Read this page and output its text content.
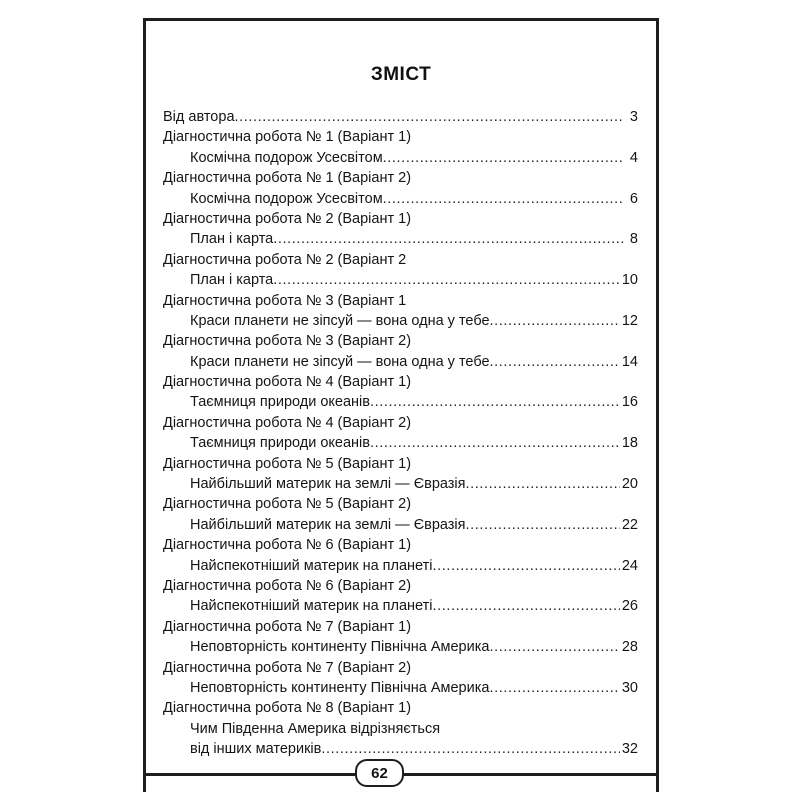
ЗМІСТ
Від автора .....	3
Діагностична робота № 1 (Варіант 1)
Космічна подорож Усесвітом .....	4
Діагностична робота № 1 (Варіант 2)
Космічна подорож Усесвітом .....	6
Діагностична робота № 2 (Варіант 1)
План і карта .....	8
Діагностична робота № 2 (Варіант 2
План і карта .....	10
Діагностична робота № 3 (Варіант 1
Краси планети не зіпсуй — вона одна у тебе .....	12
Діагностична робота № 3 (Варіант 2)
Краси планети не зіпсуй — вона одна у тебе .....	14
Діагностична робота № 4 (Варіант 1)
Таємниця природи океанів .....	16
Діагностична робота № 4 (Варіант 2)
Таємниця природи океанів .....	18
Діагностична робота № 5 (Варіант 1)
Найбільший материк на землі — Євразія .....	20
Діагностична робота № 5 (Варіант 2)
Найбільший материк на землі — Євразія .....	22
Діагностична робота № 6 (Варіант 1)
Найспекотніший материк на планеті .....	24
Діагностична робота № 6 (Варіант 2)
Найспекотніший материк на планеті .....	26
Діагностична робота № 7 (Варіант 1)
Неповторність континенту Північна Америка .....	28
Діагностична робота № 7 (Варіант 2)
Неповторність континенту Північна Америка .....	30
Діагностична робота № 8 (Варіант 1)
Чим Південна Америка відрізняється
від інших материків .....	32
62
